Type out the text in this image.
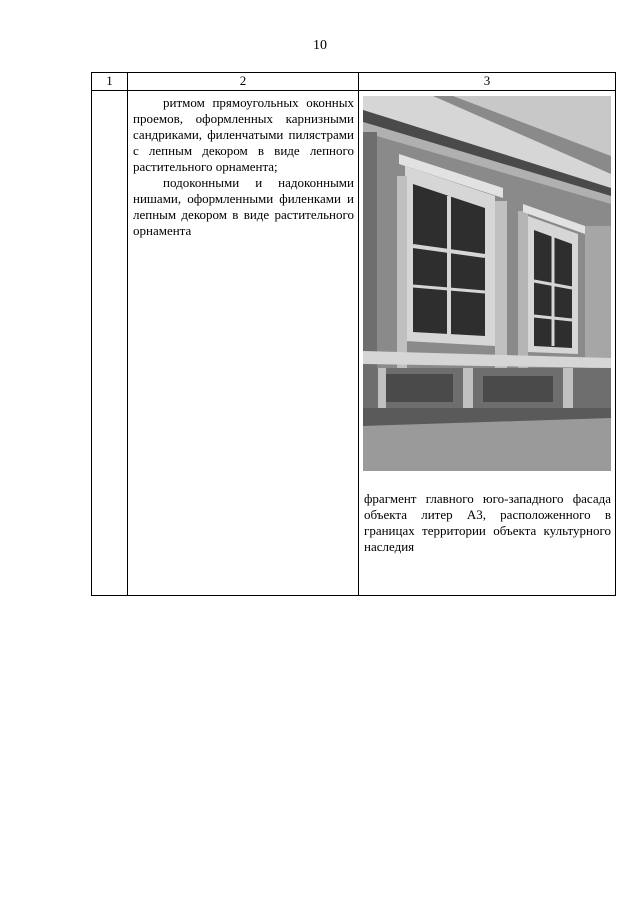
10
1	2	3

	ритмом прямоугольных оконных проемов, оформленных карнизными сандриками, филенчатыми пилястрами с лепным декором в виде лепного растительного орнамента;

подоконными и надоконными нишами, оформленными филенками и лепным декором в виде растительного орнамента	фрагмент главного юго-западного фасада объекта литер А3, расположенного в границах территории объекта культурного наследия
